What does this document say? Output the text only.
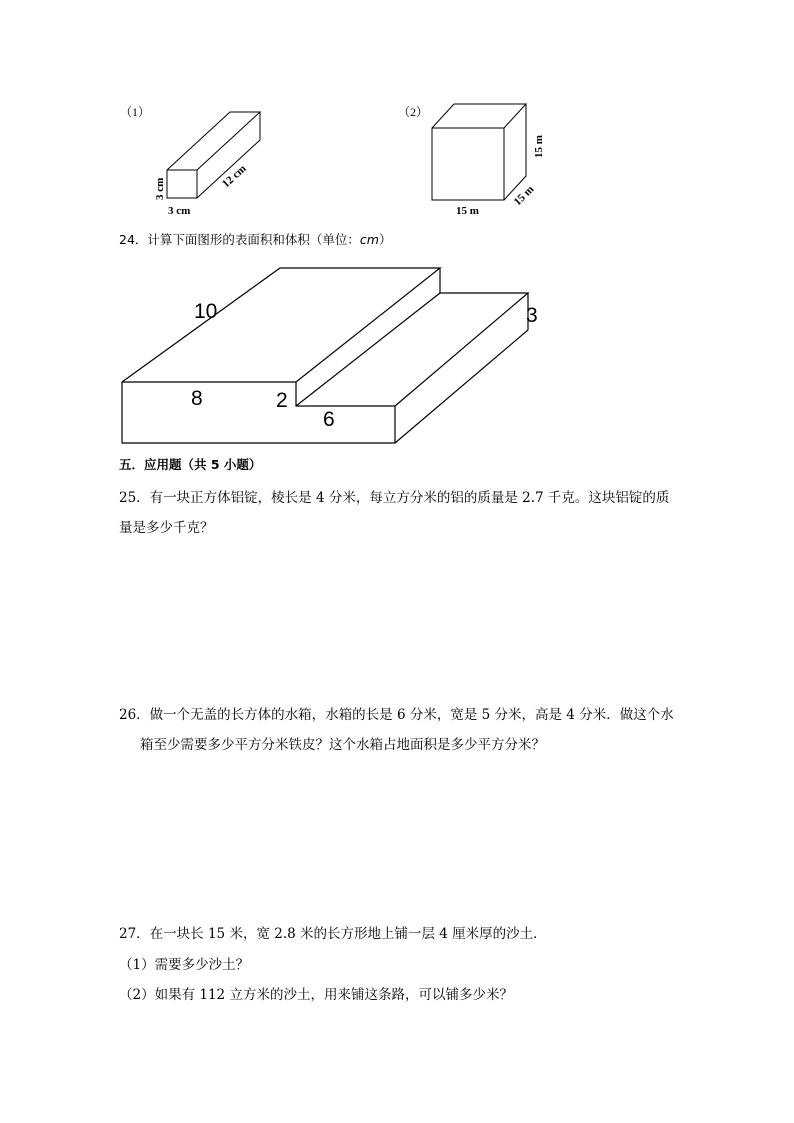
（1）
3 cm
3 cm
12 cm
（2）
15 m
15 m
15 m
24．计算下面图形的表面积和体积（单位：cm）
10	3
8	2
6
五．应用题（共 5 小题）
25．有一块正方体铝锭，棱长是 4 分米，每立方分米的铝的质量是 2.7 千克。这块铝锭的质
量是多少千克？
26．做一个无盖的长方体的水箱，水箱的长是 6 分米，宽是 5 分米，高是 4 分米．做这个水
箱至少需要多少平方分米铁皮？这个水箱占地面积是多少平方分米？
27．在一块长 15 米，宽 2.8 米的长方形地上铺一层 4 厘米厚的沙土．
（1）需要多少沙土？
（2）如果有 112 立方米的沙土，用来铺这条路，可以铺多少米？
